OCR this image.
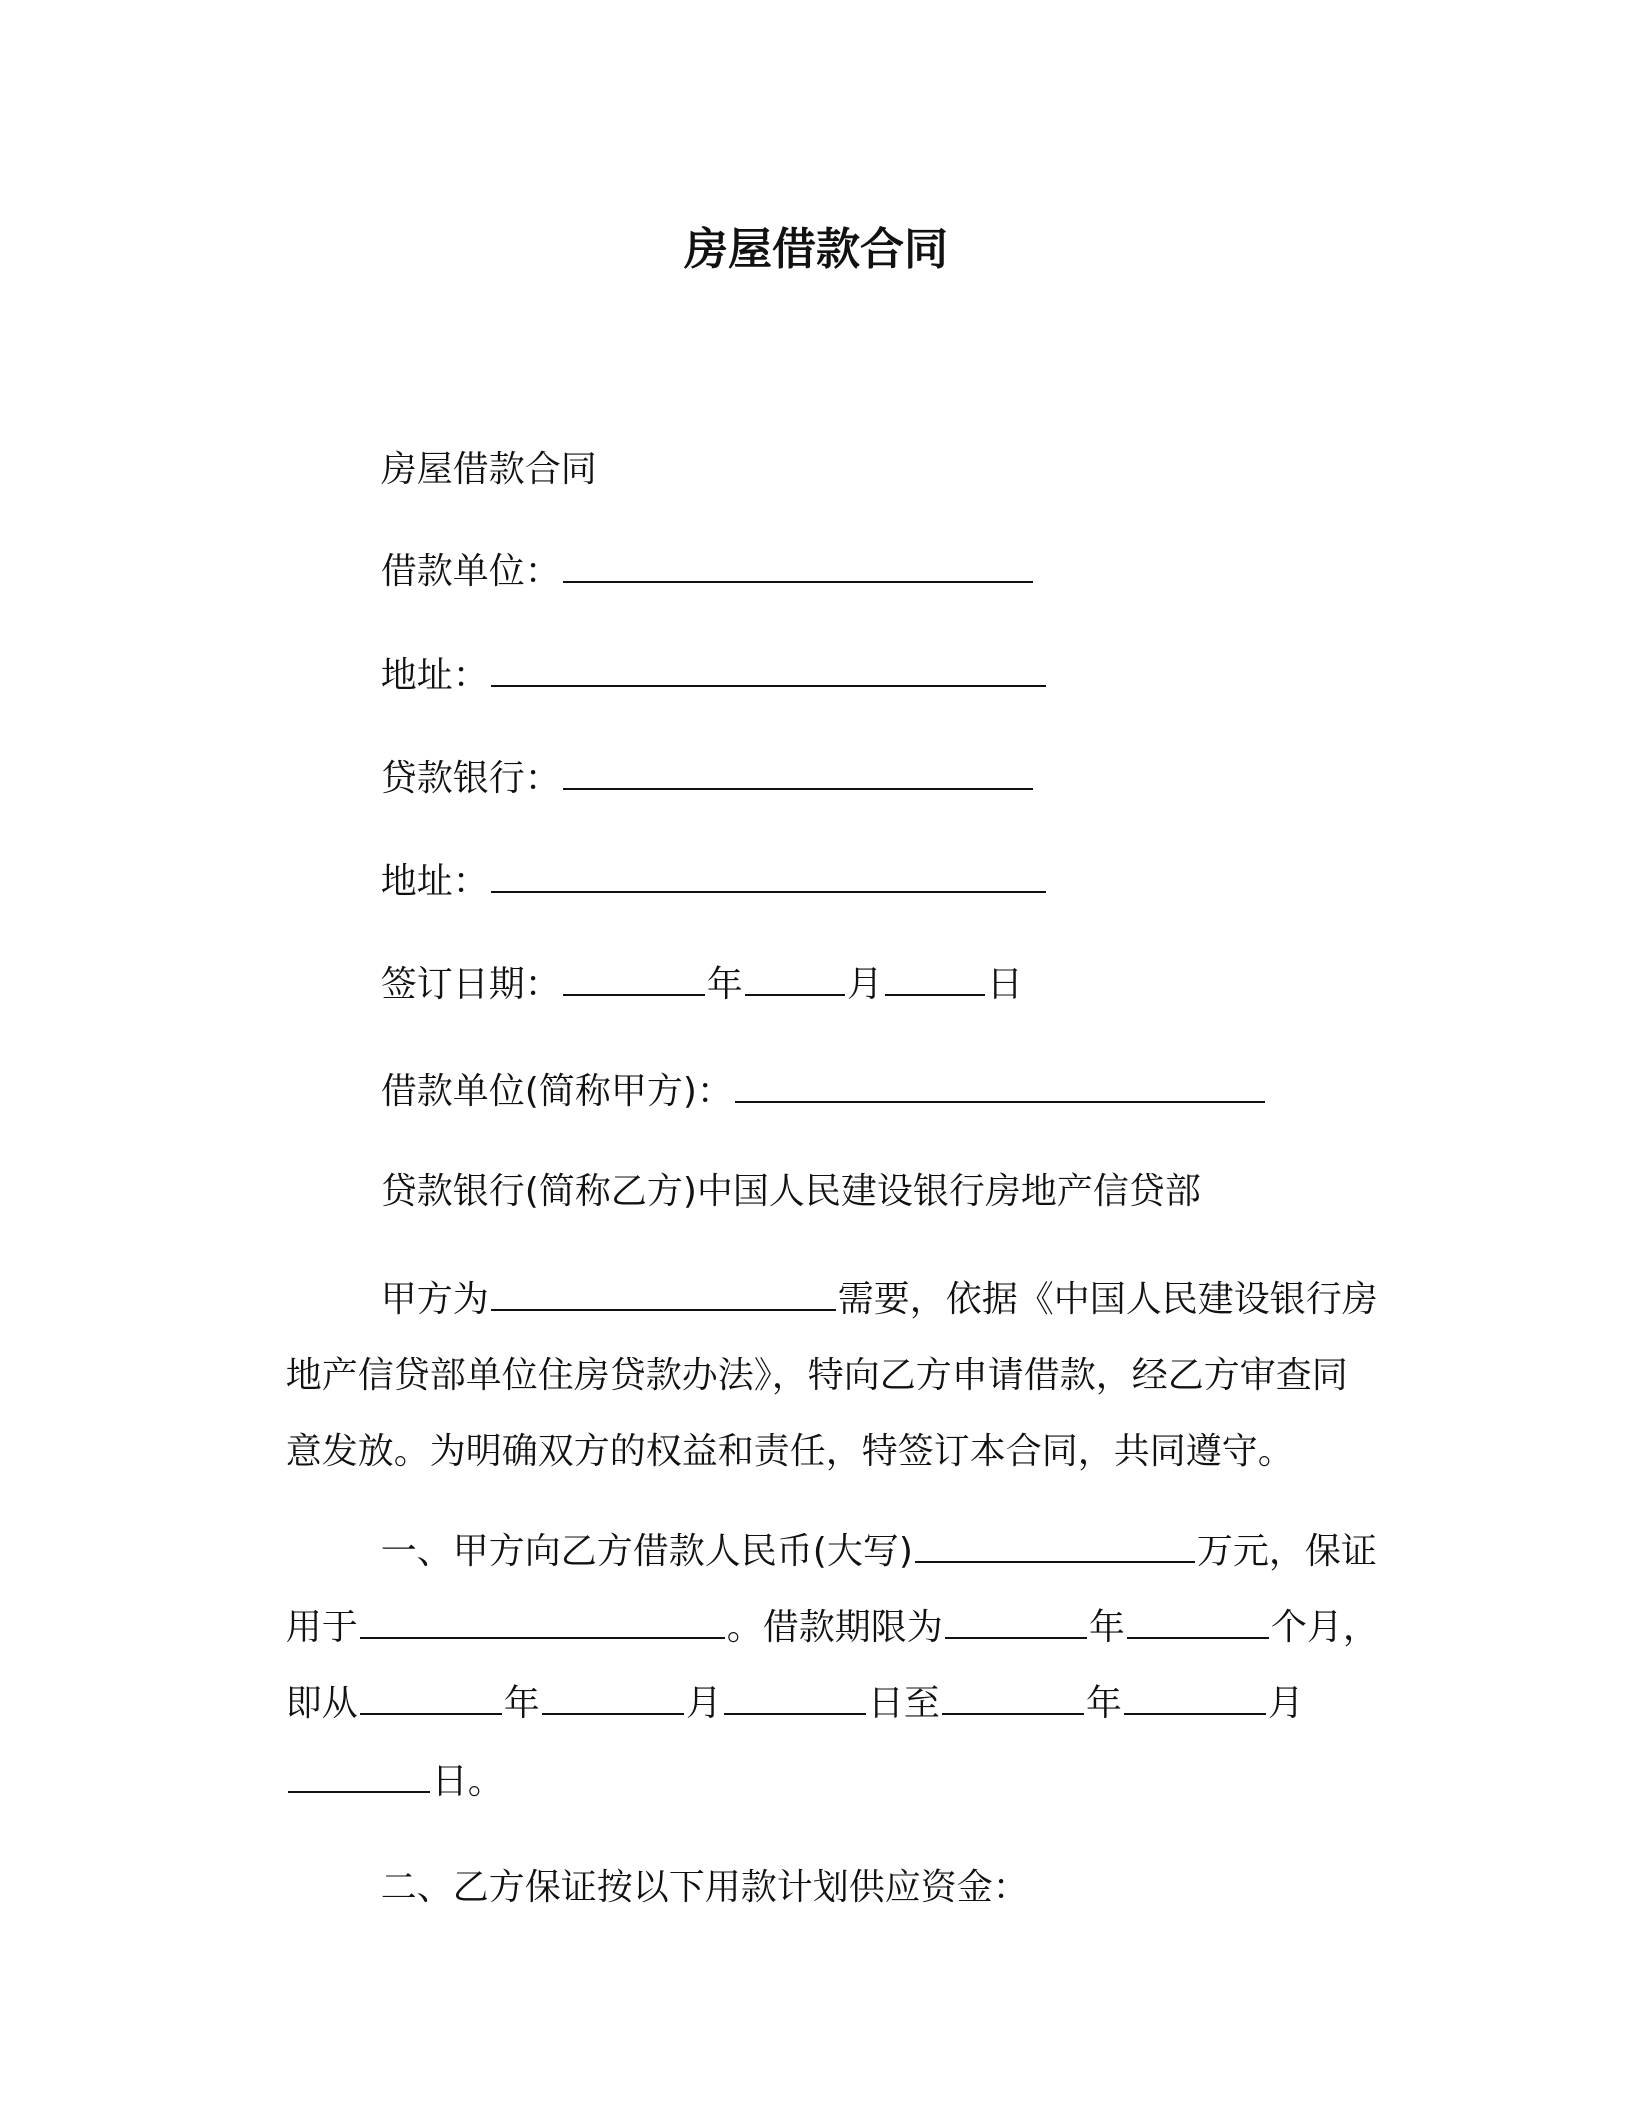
房屋借款合同

房屋借款合同

借款单位：

地址：

贷款银行：

地址：

签订日期：	年	月	日

借款单位(简称甲方)：

贷款银行(简称乙方)中国人民建设银行房地产信贷部

甲方为	需要，依据《中国人民建设银行房

地产信贷部单位住房贷款办法》，特向乙方申请借款，经乙方审查同

意发放。为明确双方的权益和责任，特签订本合同，共同遵守。

一、甲方向乙方借款人民币(大写)	万元，保证

用于	。借款期限为	年	个月，

即从	年	月	日至	年	月

日。

二、乙方保证按以下用款计划供应资金：
